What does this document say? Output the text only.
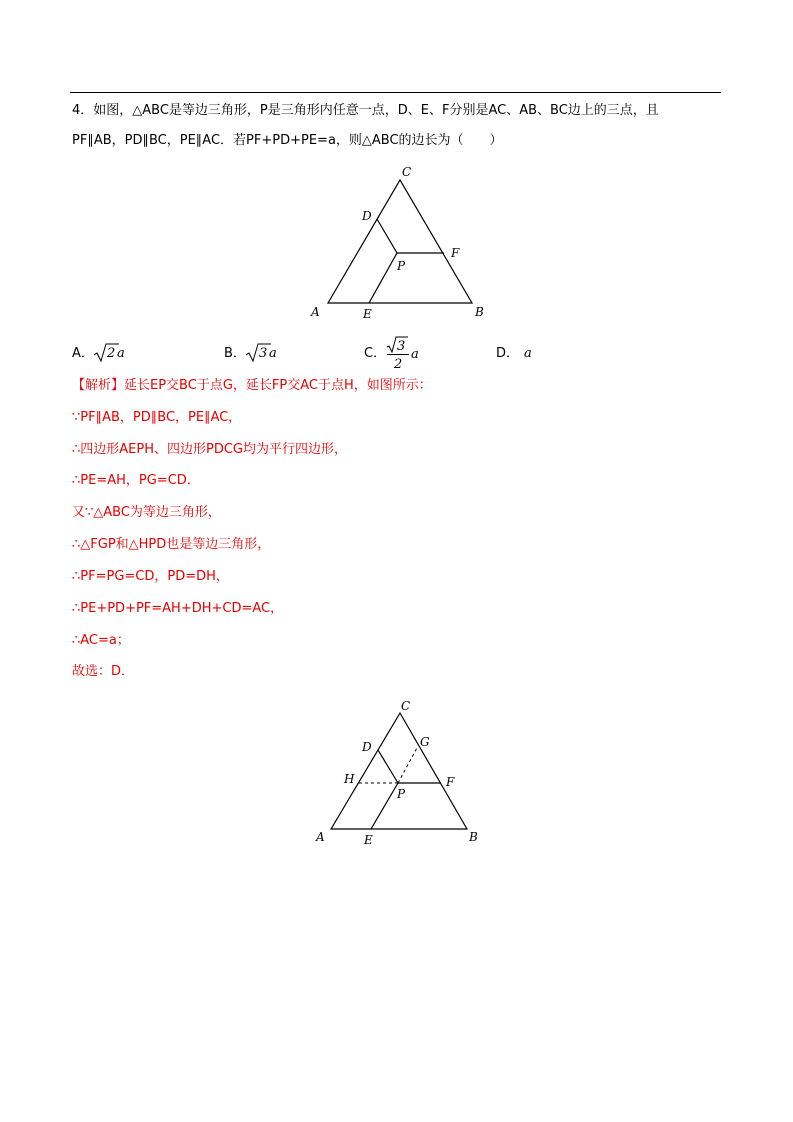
4．如图，△ABC是等边三角形，P是三角形内任意一点，D、E、F分别是AC、AB、BC边上的三点，且
PF∥AB，PD∥BC，PE∥AC．若PF+PD+PE=a，则△ABC的边长为（　　）
C
D
F
P
A	E	B
A． 2 a	B． 3 a	C． 3
2
a	D． a
【解析】延长EP交BC于点G，延长FP交AC于点H，如图所示：
∵PF∥AB，PD∥BC，PE∥AC，
∴四边形AEPH、四边形PDCG均为平行四边形，
∴PE=AH，PG=CD．
又∵△ABC为等边三角形，
∴△FGP和△HPD也是等边三角形，
∴PF=PG=CD，PD=DH，
∴PE+PD+PF=AH+DH+CD=AC，
∴AC=a；
故选：D．
C
D	G
H	F
P
A	E	B
